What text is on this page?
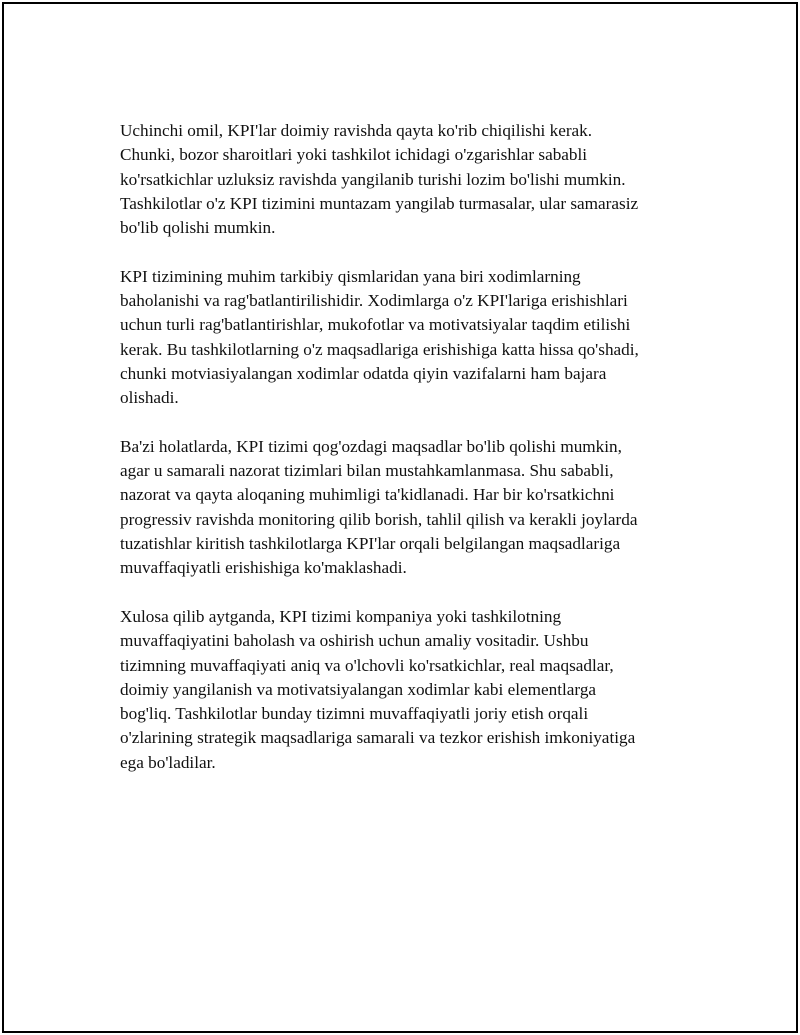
Uchinchi omil, KPI'lar doimiy ravishda qayta ko'rib chiqilishi kerak.
Chunki, bozor sharoitlari yoki tashkilot ichidagi o'zgarishlar sababli
ko'rsatkichlar uzluksiz ravishda yangilanib turishi lozim bo'lishi mumkin.
Tashkilotlar o'z KPI tizimini muntazam yangilab turmasalar, ular samarasiz
bo'lib qolishi mumkin.

KPI tizimining muhim tarkibiy qismlaridan yana biri xodimlarning
baholanishi va rag'batlantirilishidir. Xodimlarga o'z KPI'lariga erishishlari
uchun turli rag'batlantirishlar, mukofotlar va motivatsiyalar taqdim etilishi
kerak. Bu tashkilotlarning o'z maqsadlariga erishishiga katta hissa qo'shadi,
chunki motviasiyalangan xodimlar odatda qiyin vazifalarni ham bajara
olishadi.

Ba'zi holatlarda, KPI tizimi qog'ozdagi maqsadlar bo'lib qolishi mumkin,
agar u samarali nazorat tizimlari bilan mustahkamlanmasa. Shu sababli,
nazorat va qayta aloqaning muhimligi ta'kidlanadi. Har bir ko'rsatkichni
progressiv ravishda monitoring qilib borish, tahlil qilish va kerakli joylarda
tuzatishlar kiritish tashkilotlarga KPI'lar orqali belgilangan maqsadlariga
muvaffaqiyatli erishishiga ko'maklashadi.

Xulosa qilib aytganda, KPI tizimi kompaniya yoki tashkilotning
muvaffaqiyatini baholash va oshirish uchun amaliy vositadir. Ushbu
tizimning muvaffaqiyati aniq va o'lchovli ko'rsatkichlar, real maqsadlar,
doimiy yangilanish va motivatsiyalangan xodimlar kabi elementlarga
bog'liq. Tashkilotlar bunday tizimni muvaffaqiyatli joriy etish orqali
o'zlarining strategik maqsadlariga samarali va tezkor erishish imkoniyatiga
ega bo'ladilar.
